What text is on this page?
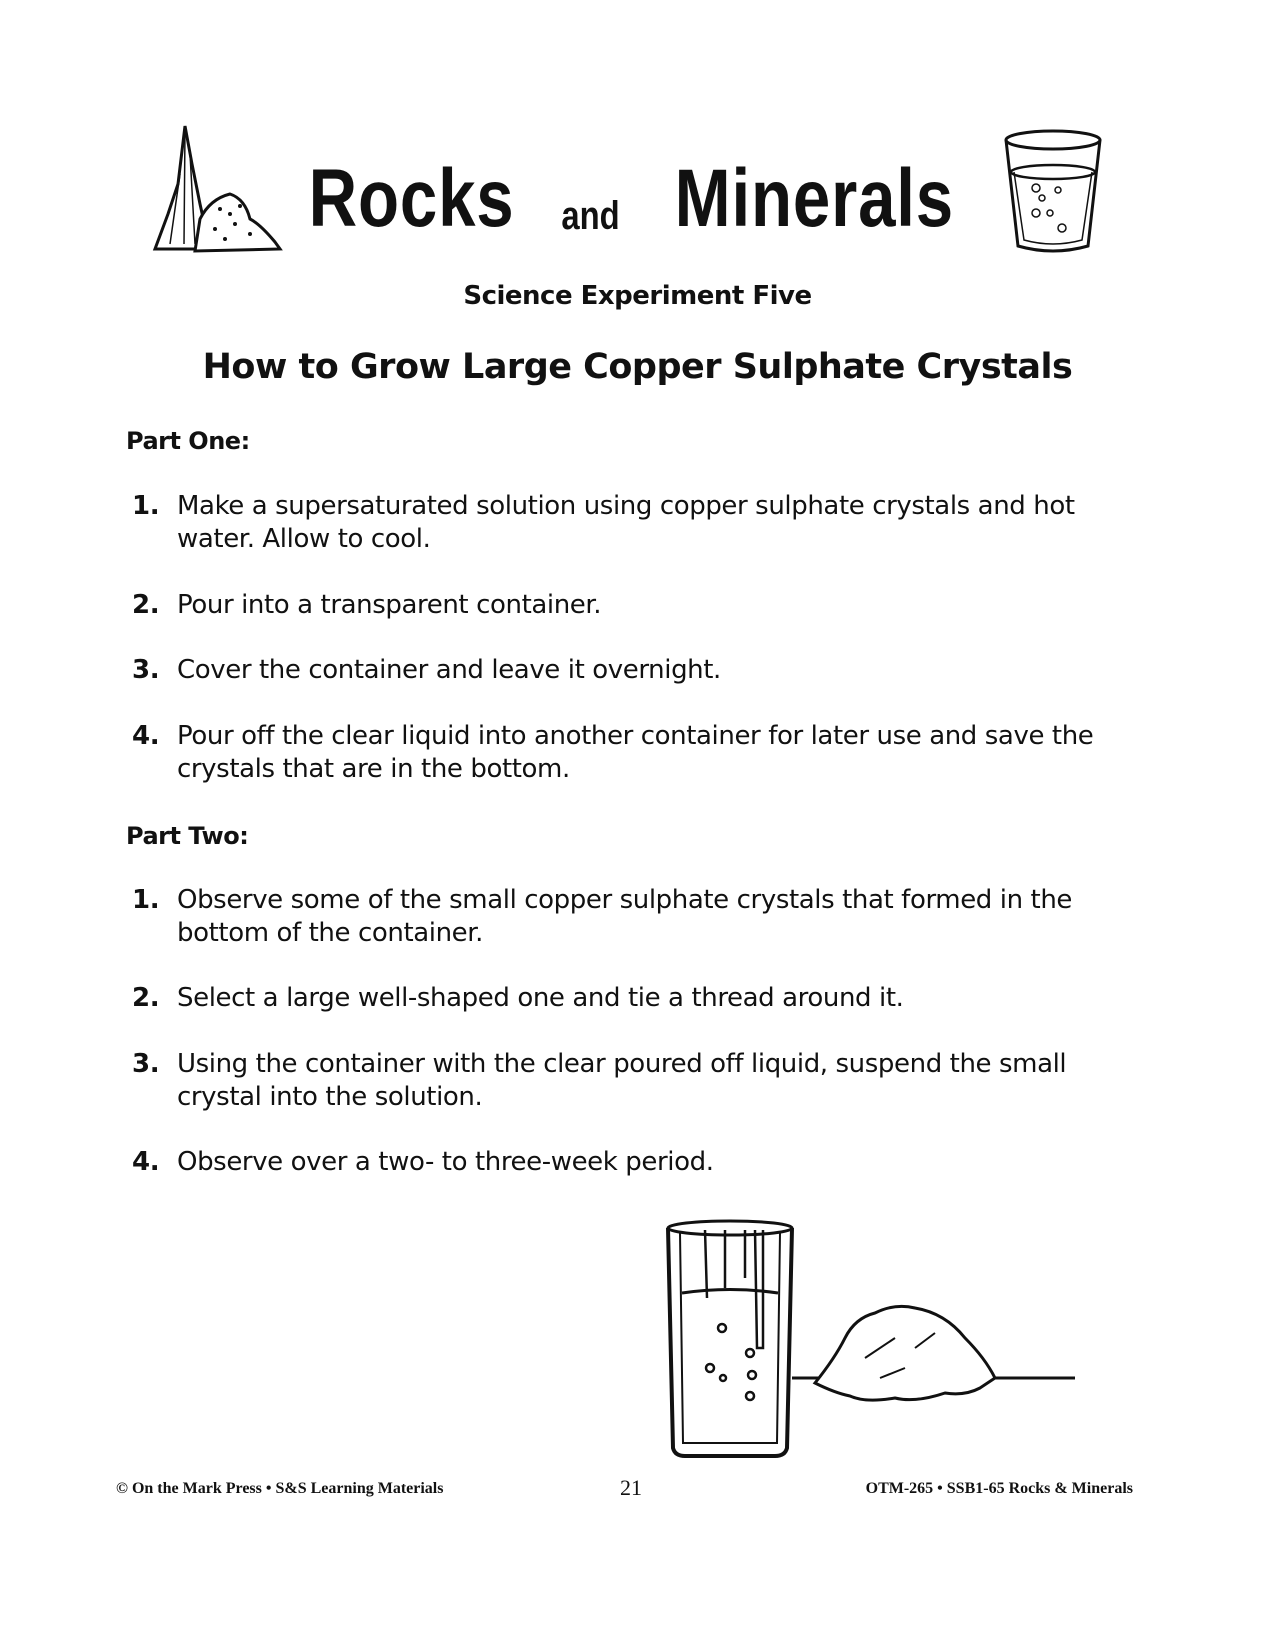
Rocks and Minerals
Science Experiment Five
How to Grow Large Copper Sulphate Crystals
Part One:
1. Make a supersaturated solution using copper sulphate crystals and hot water. Allow to cool.
2. Pour into a transparent container.
3. Cover the container and leave it overnight.
4. Pour off the clear liquid into another container for later use and save the crystals that are in the bottom.
Part Two:
1. Observe some of the small copper sulphate crystals that formed in the bottom of the container.
2. Select a large well-shaped one and tie a thread around it.
3. Using the container with the clear poured off liquid, suspend the small crystal into the solution.
4. Observe over a two- to three-week period.
© On the Mark Press • S&S Learning Materials	21	OTM-265 • SSB1-65 Rocks & Minerals
